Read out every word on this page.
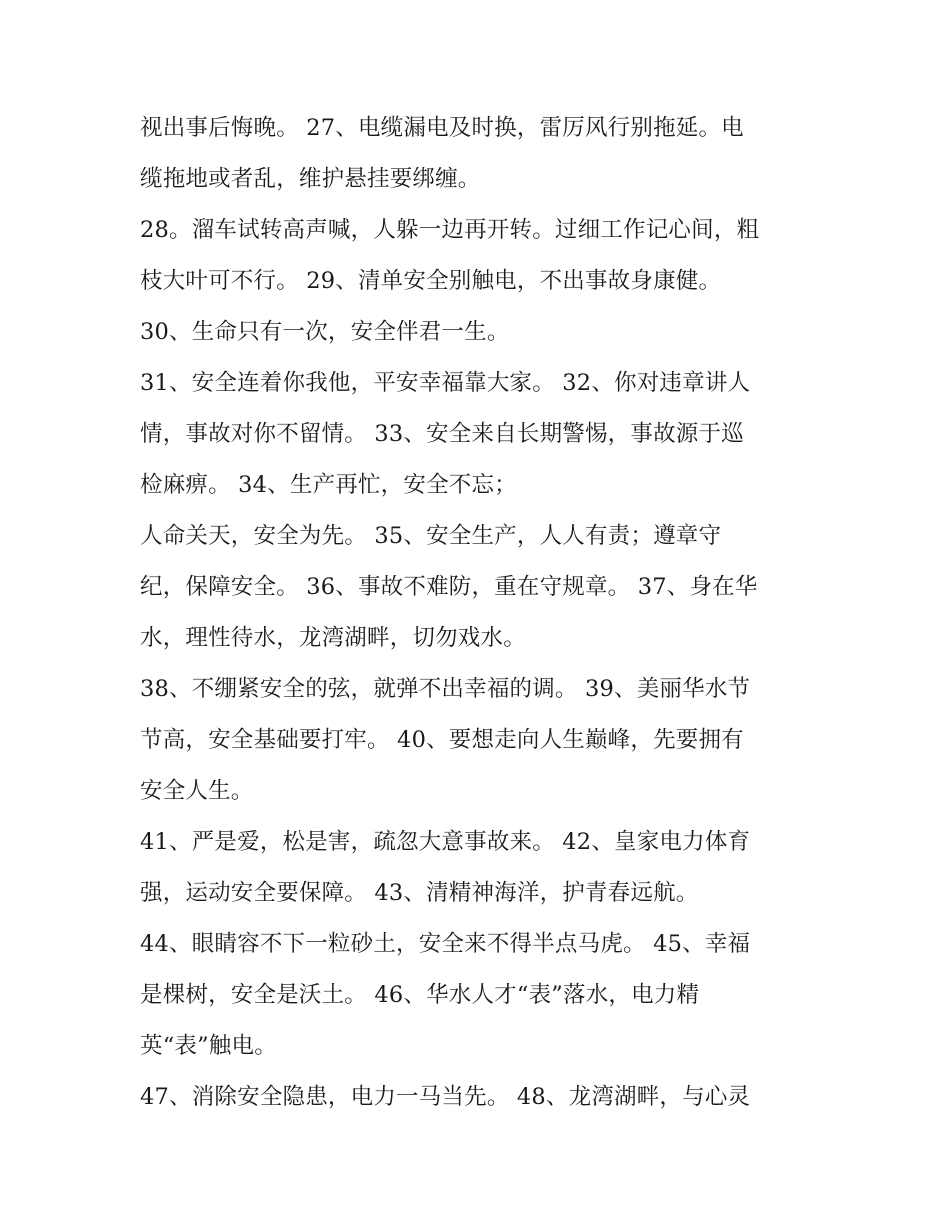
视出事后悔晚。 27、电缆漏电及时换，雷厉风行别拖延。电
缆拖地或者乱，维护悬挂要绑缠。
28。溜车试转高声喊，人躲一边再开转。过细工作记心间，粗
枝大叶可不行。 29、清单安全别触电，不出事故身康健。
30、生命只有一次，安全伴君一生。
31、安全连着你我他，平安幸福靠大家。 32、你对违章讲人
情，事故对你不留情。 33、安全来自长期警惕，事故源于巡
检麻痹。 34、生产再忙，安全不忘；
人命关天，安全为先。 35、安全生产，人人有责；遵章守
纪，保障安全。 36、事故不难防，重在守规章。 37、身在华
水，理性待水，龙湾湖畔，切勿戏水。
38、不绷紧安全的弦，就弹不出幸福的调。 39、美丽华水节
节高，安全基础要打牢。 40、要想走向人生巅峰，先要拥有
安全人生。
41、严是爱，松是害，疏忽大意事故来。 42、皇家电力体育
强，运动安全要保障。 43、清精神海洋，护青春远航。
44、眼睛容不下一粒砂土，安全来不得半点马虎。 45、幸福
是棵树，安全是沃土。 46、华水人才“表”落水，电力精
英“表”触电。
47、消除安全隐患，电力一马当先。 48、龙湾湖畔，与心灵
